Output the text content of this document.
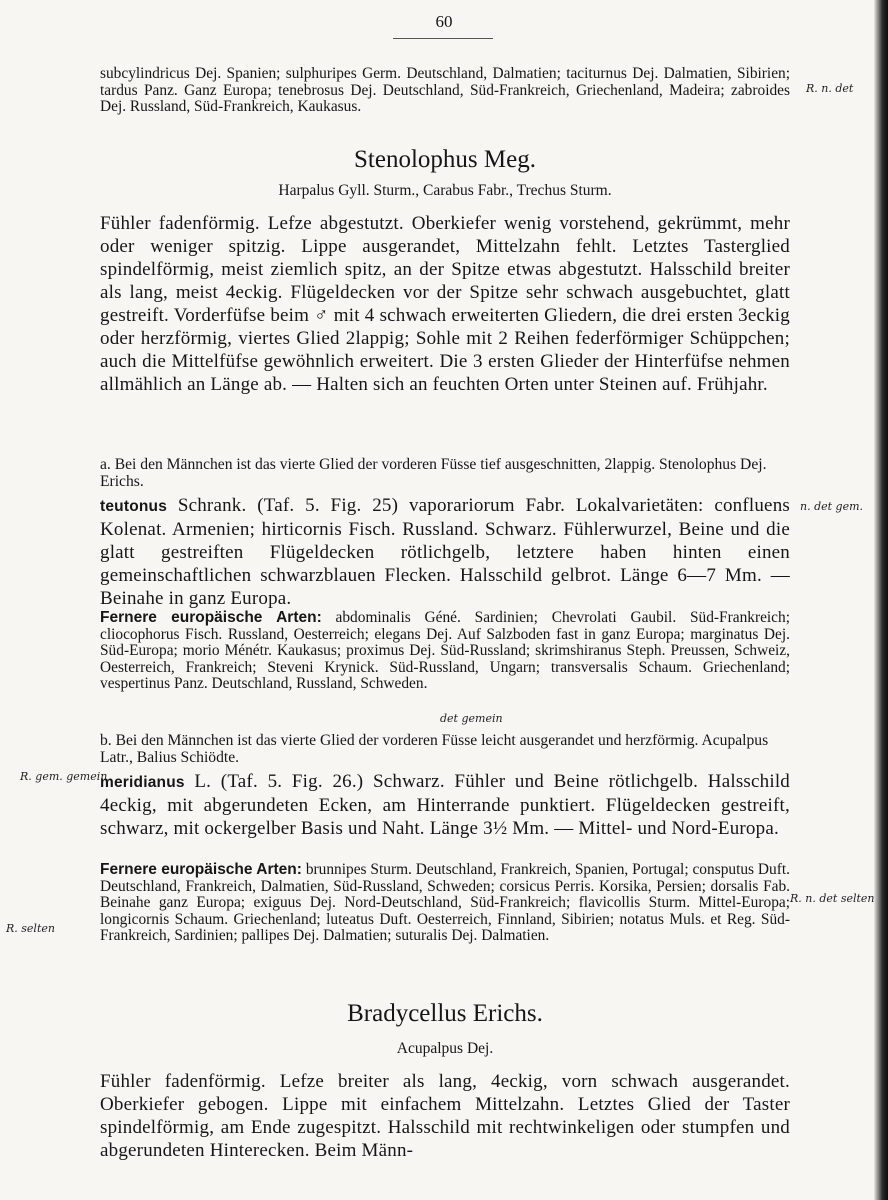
60
subcylindricus Dej. Spanien; sulphuripes Germ. Deutschland, Dalmatien; taciturnus Dej. Dalmatien, Sibirien; tardus Panz. Ganz Europa; tenebrosus Dej. Deutschland, Süd-Frankreich, Griechenland, Madeira; zabroides Dej. Russland, Süd-Frankreich, Kaukasus.
Stenolophus Meg.
Harpalus Gyll. Sturm., Carabus Fabr., Trechus Sturm.
Fühler fadenförmig. Lefze abgestutzt. Oberkiefer wenig vorstehend, gekrümmt, mehr oder weniger spitzig. Lippe ausgerandet, Mittelzahn fehlt. Letztes Tasterglied spindelförmig, meist ziemlich spitz, an der Spitze etwas abgestutzt. Halsschild breiter als lang, meist 4eckig. Flügeldecken vor der Spitze sehr schwach ausgebuchtet, glatt gestreift. Vorderfüfse beim ♂ mit 4 schwach erweiterten Gliedern, die drei ersten 3eckig oder herzförmig, viertes Glied 2lappig; Sohle mit 2 Reihen federförmiger Schüppchen; auch die Mittelfüfse gewöhnlich erweitert. Die 3 ersten Glieder der Hinterfüfse nehmen allmählich an Länge ab. — Halten sich an feuchten Orten unter Steinen auf. Frühjahr.
a. Bei den Männchen ist das vierte Glied der vorderen Füsse tief ausgeschnitten, 2lappig. Stenolophus Dej. Erichs.
teutonus Schrank. (Taf. 5. Fig. 25) vaporariorum Fabr. Lokalvarietäten: confluens Kolenat. Armenien; hirticornis Fisch. Russland. Schwarz. Fühlerwurzel, Beine und die glatt gestreiften Flügeldecken rötlichgelb, letztere haben hinten einen gemeinschaftlichen schwarzblauen Flecken. Halsschild gelbrot. Länge 6—7 Mm. — Beinahe in ganz Europa.
Fernere europäische Arten: abdominalis Géné. Sardinien; Chevrolati Gaubil. Süd-Frankreich; cliocophorus Fisch. Russland, Oesterreich; elegans Dej. Auf Salzboden fast in ganz Europa; marginatus Dej. Süd-Europa; morio Ménétr. Kaukasus; proximus Dej. Süd-Russland; skrimshiranus Steph. Preussen, Schweiz, Oesterreich, Frankreich; Steveni Krynick. Süd-Russland, Ungarn; transversalis Schaum. Griechenland; vespertinus Panz. Deutschland, Russland, Schweden.
b. Bei den Männchen ist das vierte Glied der vorderen Füsse leicht ausgerandet und herzförmig. Acupalpus Latr., Balius Schiödte.
meridianus L. (Taf. 5. Fig. 26.) Schwarz. Fühler und Beine rötlichgelb. Halsschild 4eckig, mit abgerundeten Ecken, am Hinterrande punktiert. Flügeldecken gestreift, schwarz, mit ockergelber Basis und Naht. Länge 3½ Mm. — Mittel- und Nord-Europa.
Fernere europäische Arten: brunnipes Sturm. Deutschland, Frankreich, Spanien, Portugal; consputus Duft. Deutschland, Frankreich, Dalmatien, Süd-Russland, Schweden; corsicus Perris. Korsika, Persien; dorsalis Fab. Beinahe ganz Europa; exiguus Dej. Nord-Deutschland, Süd-Frankreich; flavicollis Sturm. Mittel-Europa; longicornis Schaum. Griechenland; luteatus Duft. Oesterreich, Finnland, Sibirien; notatus Muls. et Reg. Süd-Frankreich, Sardinien; pallipes Dej. Dalmatien; suturalis Dej. Dalmatien.
Bradycellus Erichs.
Acupalpus Dej.
Fühler fadenförmig. Lefze breiter als lang, 4eckig, vorn schwach ausgerandet. Oberkiefer gebogen. Lippe mit einfachem Mittelzahn. Letztes Glied der Taster spindelförmig, am Ende zugespitzt. Halsschild mit rechtwinkeligen oder stumpfen und abgerundeten Hinterecken. Beim Männ-
R. n. det
n. det gem.
det gemein
R. gem. gemein
R. n. det selten
R. selten
